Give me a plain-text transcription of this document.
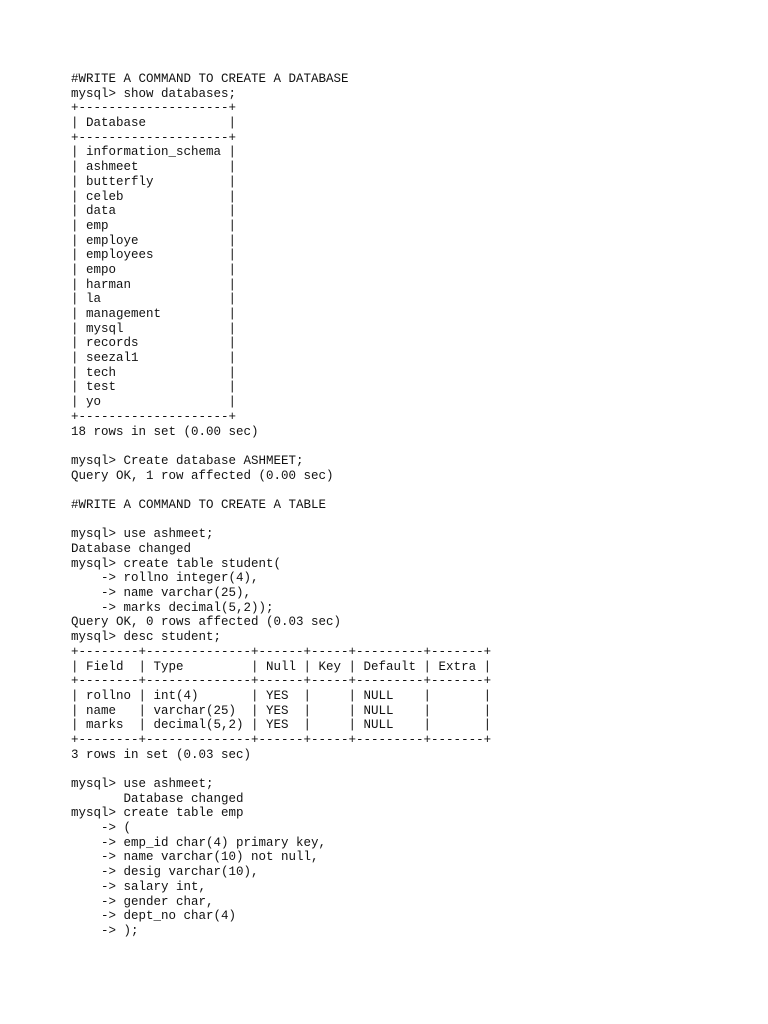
#WRITE A COMMAND TO CREATE A DATABASE
mysql> show databases;
+--------------------+
| Database           |
+--------------------+
| information_schema |
| ashmeet            |
| butterfly          |
| celeb              |
| data               |
| emp                |
| employe            |
| employees          |
| empo               |
| harman             |
| la                 |
| management         |
| mysql              |
| records            |
| seezal1            |
| tech               |
| test               |
| yo                 |
+--------------------+
18 rows in set (0.00 sec)
mysql> Create database ASHMEET;
Query OK, 1 row affected (0.00 sec)
#WRITE A COMMAND TO CREATE A TABLE
mysql> use ashmeet;
Database changed
mysql> create table student(
-> rollno integer(4),
-> name varchar(25),
-> marks decimal(5,2));
Query OK, 0 rows affected (0.03 sec)
mysql> desc student;
+--------+--------------+------+-----+---------+-------+
| Field  | Type         | Null | Key | Default | Extra |
+--------+--------------+------+-----+---------+-------+
| rollno | int(4)       | YES  |     | NULL    |       |
| name   | varchar(25)  | YES  |     | NULL    |       |
| marks  | decimal(5,2) | YES  |     | NULL    |       |
+--------+--------------+------+-----+---------+-------+
3 rows in set (0.03 sec)
mysql> use ashmeet;
Database changed
mysql> create table emp
-> (
-> emp_id char(4) primary key,
-> name varchar(10) not null,
-> desig varchar(10),
-> salary int,
-> gender char,
-> dept_no char(4)
-> );
